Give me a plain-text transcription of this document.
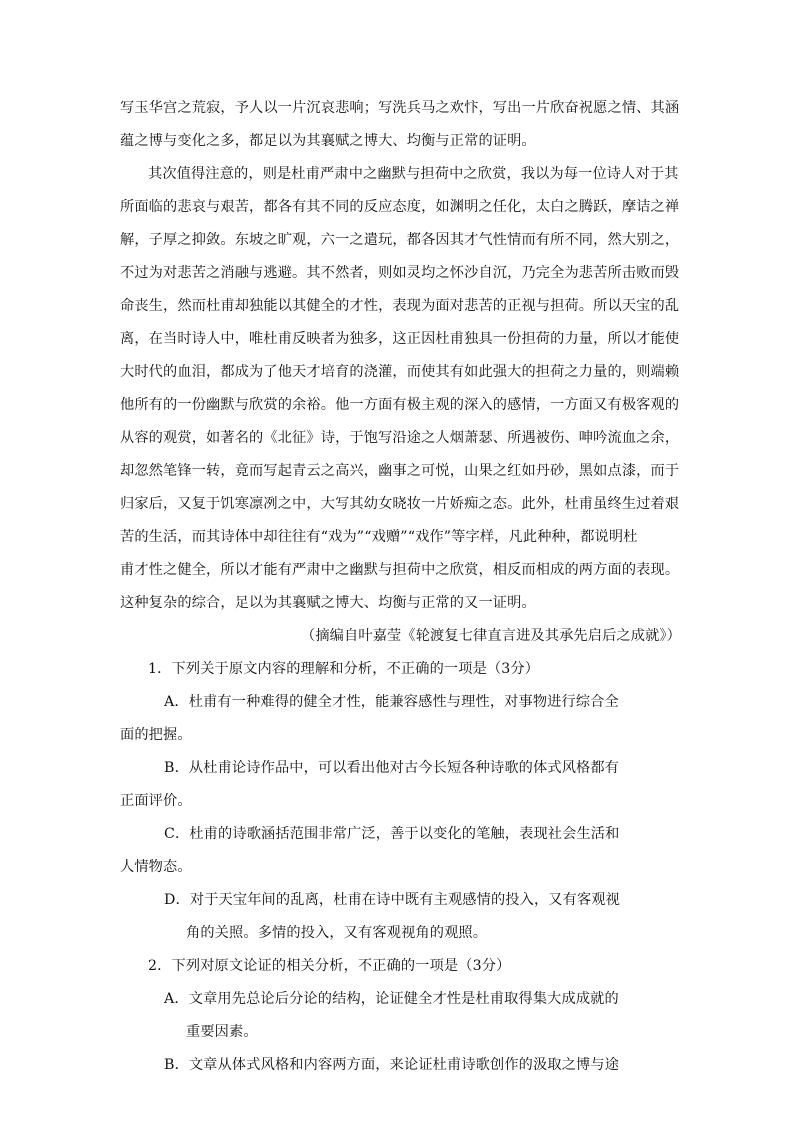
写玉华宫之荒寂，予人以一片沉哀悲响；写洗兵马之欢忭，写出一片欣奋祝愿之情、其涵
蕴之博与变化之多，都足以为其襄赋之博大、均衡与正常的证明。
其次值得注意的，则是杜甫严肃中之幽默与担荷中之欣赏，我以为每一位诗人对于其
所面临的悲哀与艰苦，都各有其不同的反应态度，如渊明之任化，太白之腾跃，摩诘之禅
解，子厚之抑敛。东坡之旷观，六一之遣玩，都各因其才气性情而有所不同，然大别之，
不过为对悲苦之消融与逃避。其不然者，则如灵均之怀沙自沉，乃完全为悲苦所击败而毁
命丧生，然而杜甫却独能以其健全的才性，表现为面对悲苦的正视与担荷。所以天宝的乱
离，在当时诗人中，唯杜甫反映者为独多，这正因杜甫独具一份担荷的力量，所以才能使
大时代的血泪，都成为了他天才培育的浇灌，而使其有如此强大的担荷之力量的，则端赖
他所有的一份幽默与欣赏的余裕。他一方面有极主观的深入的感情，一方面又有极客观的
从容的观赏，如著名的《北征》诗，于饱写沿途之人烟萧瑟、所遇被伤、呻吟流血之余，
却忽然笔锋一转，竟而写起青云之高兴，幽事之可悦，山果之红如丹砂，黑如点漆，而于
归家后，又复于饥寒凛冽之中，大写其幼女晓妆一片娇痴之态。此外，杜甫虽终生过着艰
苦的生活，而其诗体中却往往有“戏为”“戏赠”“戏作”等字样，凡此种种，都说明杜
甫才性之健全，所以才能有严肃中之幽默与担荷中之欣赏，相反而相成的两方面的表现。
这种复杂的综合，足以为其襄赋之博大、均衡与正常的又一证明。
（摘编自叶嘉莹《轮渡复七律直言进及其承先启后之成就》）
1．下列关于原文内容的理解和分析，不正确的一项是（3分）
A．杜甫有一种难得的健全才性，能兼容感性与理性，对事物进行综合全
面的把握。
B．从杜甫论诗作品中，可以看出他对古今长短各种诗歌的体式风格都有
正面评价。
C．杜甫的诗歌涵括范围非常广泛，善于以变化的笔触，表现社会生活和
人情物态。
D．对于天宝年间的乱离，杜甫在诗中既有主观感情的投入，又有客观视
角的关照。多情的投入，又有客观视角的观照。
2．下列对原文论证的相关分析，不正确的一项是（3分）
A．文章用先总论后分论的结构，论证健全才性是杜甫取得集大成成就的
重要因素。
B．文章从体式风格和内容两方面，来论证杜甫诗歌创作的汲取之博与途
